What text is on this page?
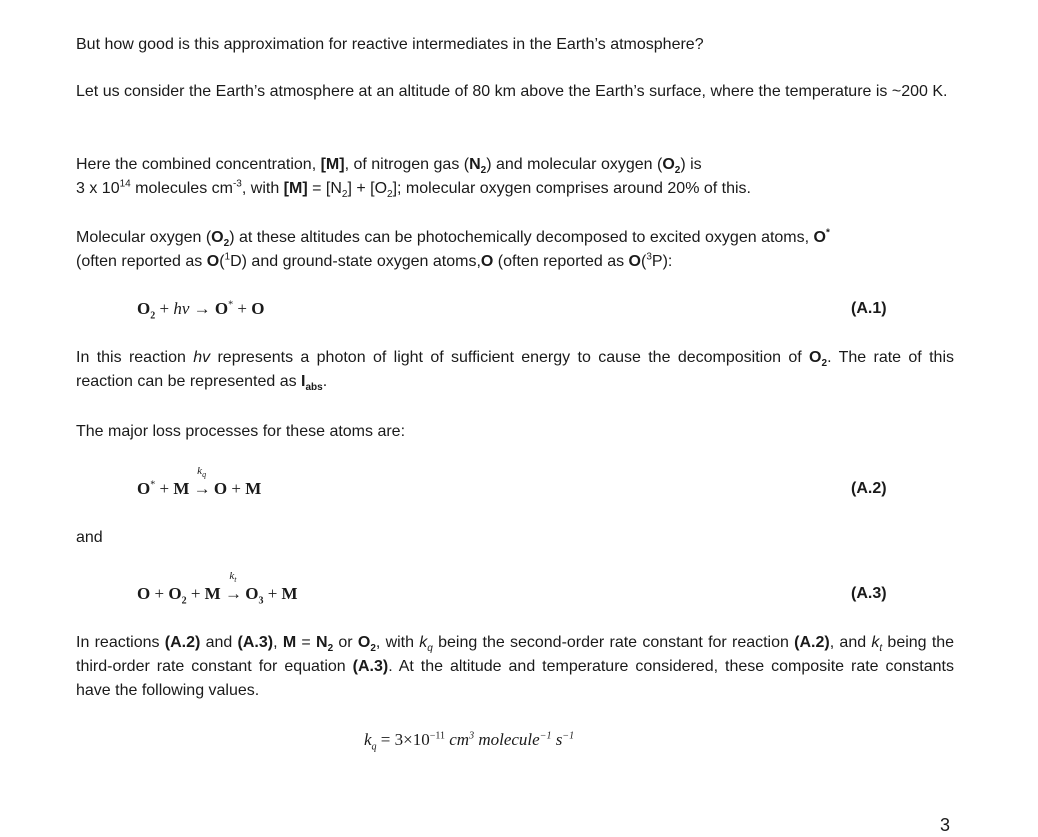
But how good is this approximation for reactive intermediates in the Earth’s atmosphere?

Let us consider the Earth’s atmosphere at an altitude of 80 km above the Earth’s surface, where the temperature is ~200 K.

Here the combined concentration, [M], of nitrogen gas $(N_2)$ and molecular oxygen $(O_2)$ is
3 x $10^{14}$ molecules $cm^{-3}$, with $[M] = [N_2] + [O_2]$; molecular oxygen comprises around 20% of this.

Molecular oxygen $(O_2)$ at these altitudes can be photochemically decomposed to excited oxygen atoms, O*
(often reported as O($^1$D) and ground-state oxygen atoms,O (often reported as O($^3$P):

$O_2 + h\nu \to O^* + O$	(A.1)

In this reaction hv represents a photon of light of sufficient energy to cause the decomposition of $O_2$. The rate of this reaction can be represented as $I_{abs}$.

The major loss processes for these atoms are:

O* + M
$k_q$
→ O + M	(A.2)

and

$O + O_2 + M$
$k_t$
→ $O_3 + M$	(A.3)

In reactions (A.2) and (A.3), $M = N_2$ or $O_2$, with $k_q$ being the second-order rate constant for reaction (A.2), and $k_t$ being the third-order rate constant for equation (A.3). At the altitude and temperature considered, these composite rate constants have the following values.

$k_q = 3\times 10^{-11}$ $cm^3$ molecule$^{-1}$ $s^{-1}$
3
